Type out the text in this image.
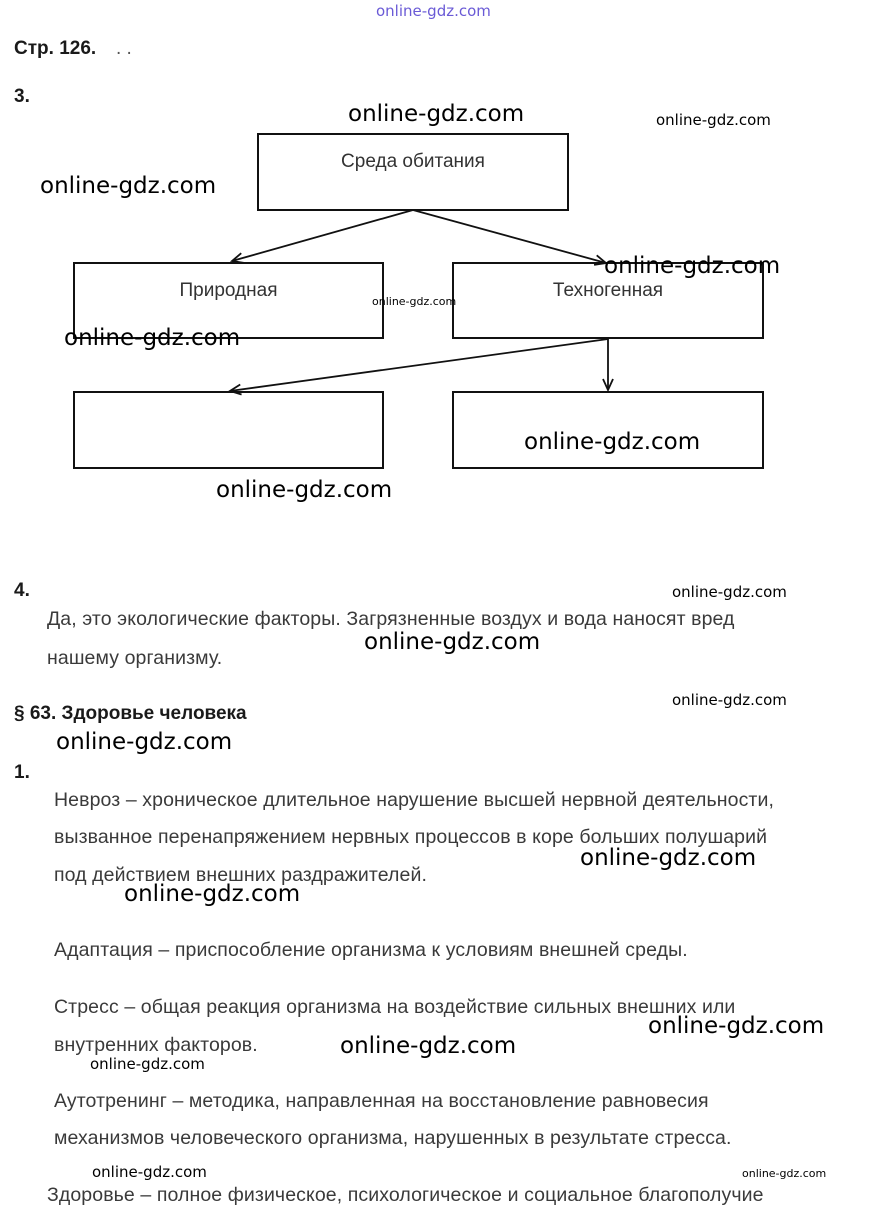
online-gdz.com
Стр. 126. . .
3.
Среда обитания
Природная	Техногенная
4.
Да, это экологические факторы. Загрязненные воздух и вода наносят вред
нашему организму.
§ 63. Здоровье человека
1.
Невроз – хроническое длительное нарушение высшей нервной деятельности,
вызванное перенапряжением нервных процессов в коре больших полушарий
под действием внешних раздражителей.
Адаптация – приспособление организма к условиям внешней среды.
Стресс – общая реакция организма на воздействие сильных внешних или
внутренних факторов.
Аутотренинг – методика, направленная на восстановление равновесия
механизмов человеческого организма, нарушенных в результате стресса.
Здоровье – полное физическое, психологическое и социальное благополучие
online-gdz.com	online-gdz.com
online-gdz.com
online-gdz.com
online-gdz.com
online-gdz.com
online-gdz.com
online-gdz.com
online-gdz.com
online-gdz.com
online-gdz.com
online-gdz.com
online-gdz.com
online-gdz.com
online-gdz.com
online-gdz.com
online-gdz.com
online-gdz.com	online-gdz.com
